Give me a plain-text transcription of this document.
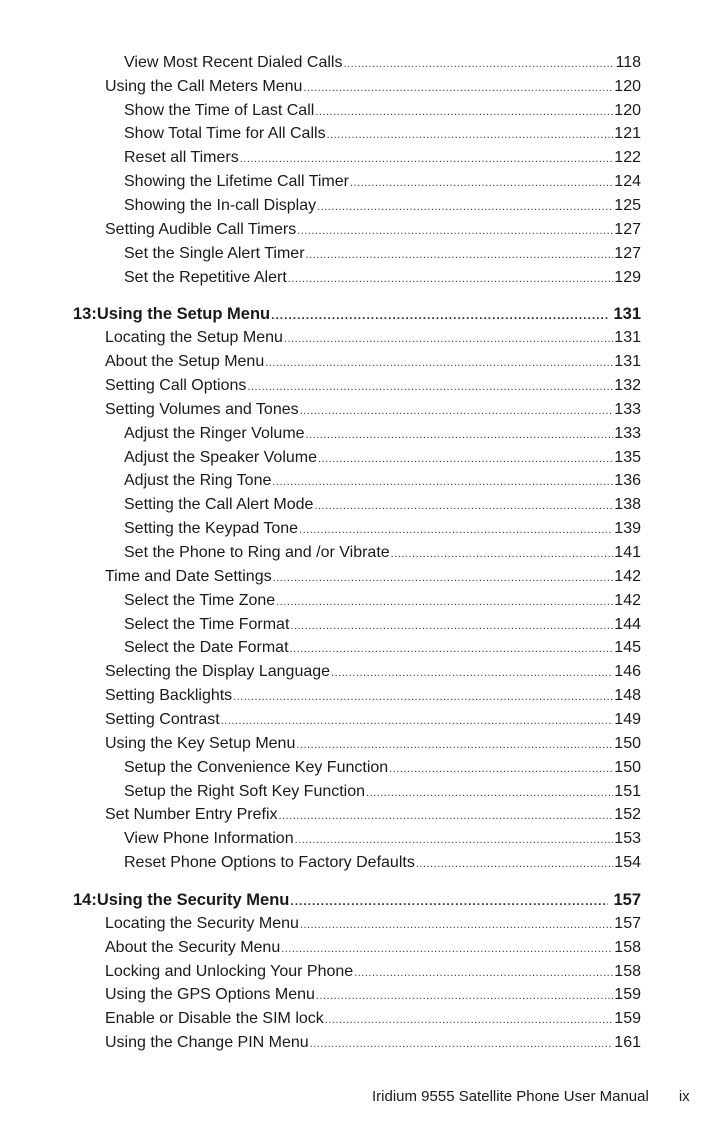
View Most Recent Dialed Calls .....	118
Using the Call Meters Menu .....	120
Show the Time of Last Call .....	120
Show Total Time for All Calls .....	121
Reset all Timers .....	122
Showing the Lifetime Call Timer .....	124
Showing the In-call Display .....	125
Setting Audible Call Timers .....	127
Set the Single Alert Timer .....	127
Set the Repetitive Alert .....	129
13: Using the Setup Menu .....	131
Locating the Setup Menu .....	131
About the Setup Menu .....	131
Setting Call Options .....	132
Setting Volumes and Tones .....	133
Adjust the Ringer Volume .....	133
Adjust the Speaker Volume .....	135
Adjust the Ring Tone .....	136
Setting the Call Alert Mode .....	138
Setting the Keypad Tone .....	139
Set the Phone to Ring and /or Vibrate .....	141
Time and Date Settings .....	142
Select the Time Zone .....	142
Select the Time Format .....	144
Select the Date Format .....	145
Selecting the Display Language .....	146
Setting Backlights .....	148
Setting Contrast .....	149
Using the Key Setup Menu .....	150
Setup the Convenience Key Function .....	150
Setup the Right Soft Key Function .....	151
Set Number Entry Prefix .....	152
View Phone Information .....	153
Reset Phone Options to Factory Defaults .....	154
14: Using the Security Menu .....	157
Locating the Security Menu .....	157
About the Security Menu .....	158
Locking and Unlocking Your Phone .....	158
Using the GPS Options Menu .....	159
Enable or Disable the SIM lock .....	159
Using the Change PIN Menu .....	161
Iridium 9555 Satellite Phone User Manual ix
